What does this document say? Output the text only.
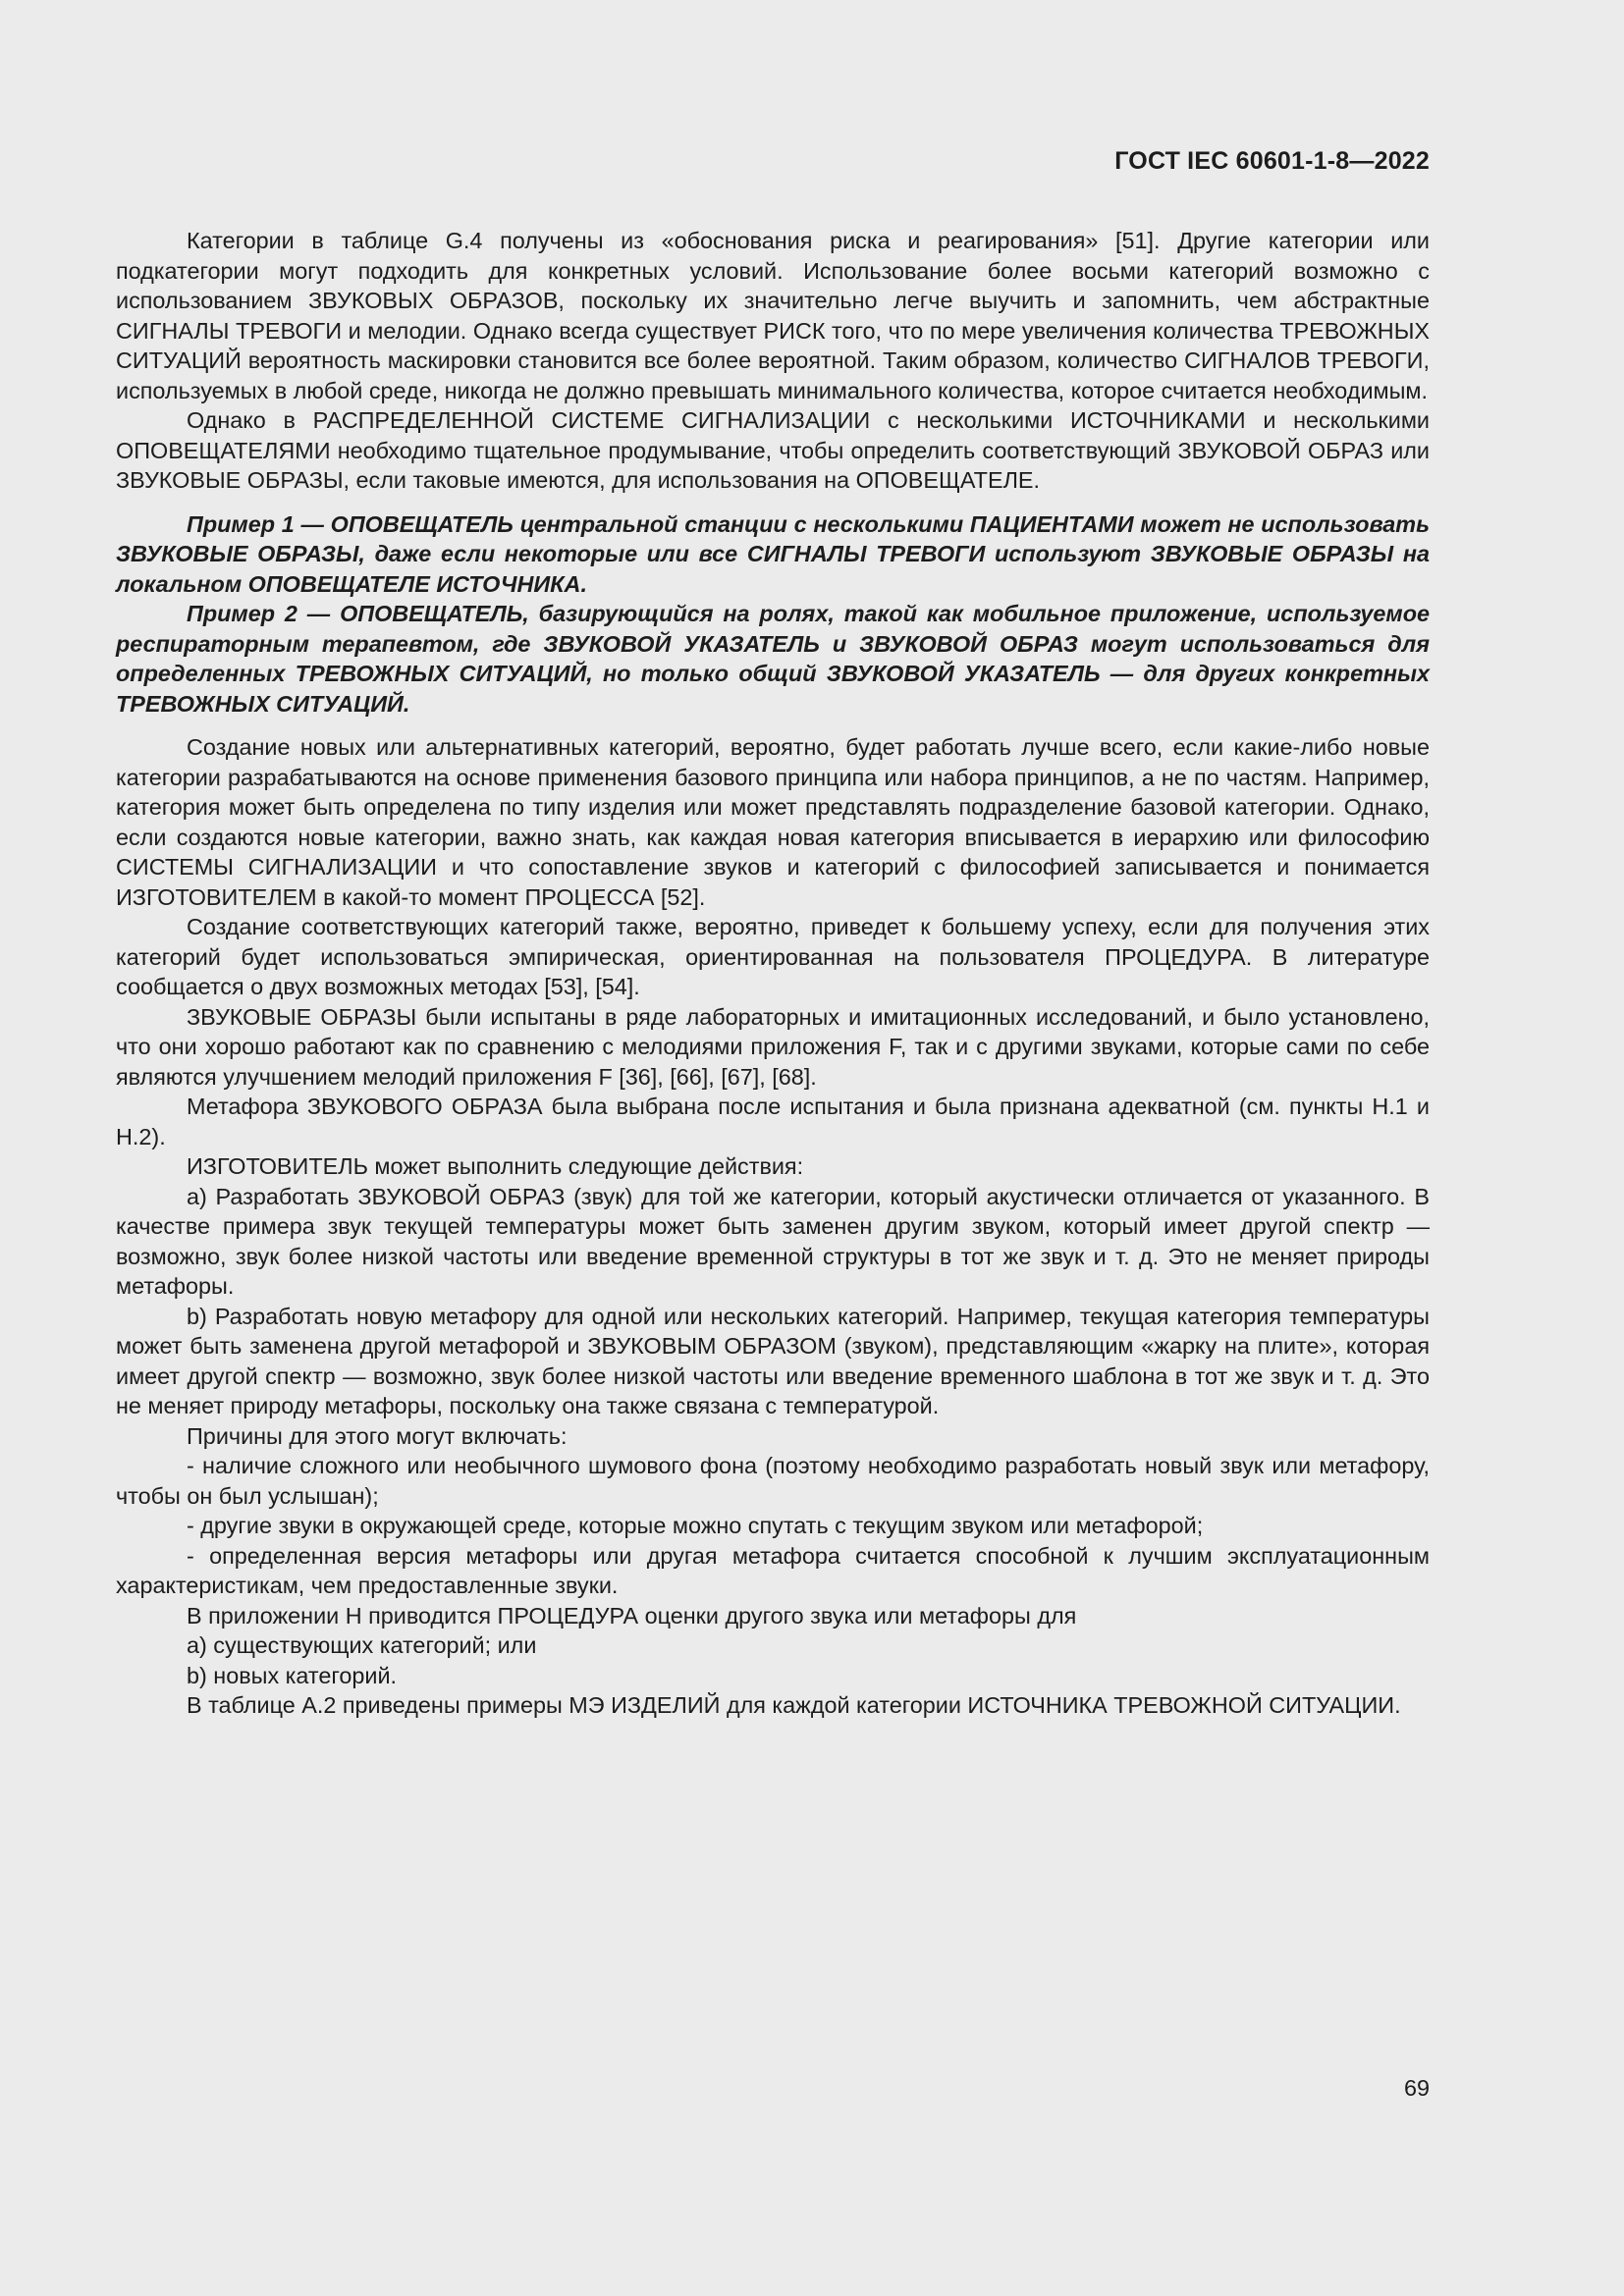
ГОСТ IEC 60601-1-8—2022

Категории в таблице G.4 получены из «обоснования риска и реагирования» [51]. Другие категории или подкатегории могут подходить для конкретных условий. Использование более восьми категорий возможно с использованием ЗВУКОВЫХ ОБРАЗОВ, поскольку их значительно легче выучить и запомнить, чем абстрактные СИГНАЛЫ ТРЕВОГИ и мелодии. Однако всегда существует РИСК того, что по мере увеличения количества ТРЕВОЖНЫХ СИТУАЦИЙ вероятность маскировки становится все более вероятной. Таким образом, количество СИГНАЛОВ ТРЕВОГИ, используемых в любой среде, никогда не должно превышать минимального количества, которое считается необходимым.

Однако в РАСПРЕДЕЛЕННОЙ СИСТЕМЕ СИГНАЛИЗАЦИИ с несколькими ИСТОЧНИКАМИ и несколькими ОПОВЕЩАТЕЛЯМИ необходимо тщательное продумывание, чтобы определить соответствующий ЗВУКОВОЙ ОБРАЗ или ЗВУКОВЫЕ ОБРАЗЫ, если таковые имеются, для использования на ОПОВЕЩАТЕЛЕ.

Пример 1 — ОПОВЕЩАТЕЛЬ центральной станции с несколькими ПАЦИЕНТАМИ может не использовать ЗВУКОВЫЕ ОБРАЗЫ, даже если некоторые или все СИГНАЛЫ ТРЕВОГИ используют ЗВУКОВЫЕ ОБРАЗЫ на локальном ОПОВЕЩАТЕЛЕ ИСТОЧНИКА.

Пример 2 — ОПОВЕЩАТЕЛЬ, базирующийся на ролях, такой как мобильное приложение, используемое респираторным терапевтом, где ЗВУКОВОЙ УКАЗАТЕЛЬ и ЗВУКОВОЙ ОБРАЗ могут использоваться для определенных ТРЕВОЖНЫХ СИТУАЦИЙ, но только общий ЗВУКОВОЙ УКАЗАТЕЛЬ — для других конкретных ТРЕВОЖНЫХ СИТУАЦИЙ.

Создание новых или альтернативных категорий, вероятно, будет работать лучше всего, если какие-либо новые категории разрабатываются на основе применения базового принципа или набора принципов, а не по частям. Например, категория может быть определена по типу изделия или может представлять подразделение базовой категории. Однако, если создаются новые категории, важно знать, как каждая новая категория вписывается в иерархию или философию СИСТЕМЫ СИГНАЛИЗАЦИИ и что сопоставление звуков и категорий с философией записывается и понимается ИЗГОТОВИТЕЛЕМ в какой-то момент ПРОЦЕССА [52].

Создание соответствующих категорий также, вероятно, приведет к большему успеху, если для получения этих категорий будет использоваться эмпирическая, ориентированная на пользователя ПРОЦЕДУРА. В литературе сообщается о двух возможных методах [53], [54].

ЗВУКОВЫЕ ОБРАЗЫ были испытаны в ряде лабораторных и имитационных исследований, и было установлено, что они хорошо работают как по сравнению с мелодиями приложения F, так и с другими звуками, которые сами по себе являются улучшением мелодий приложения F [36], [66], [67], [68].

Метафора ЗВУКОВОГО ОБРАЗА была выбрана после испытания и была признана адекватной (см. пункты H.1 и H.2).

ИЗГОТОВИТЕЛЬ может выполнить следующие действия:

a) Разработать ЗВУКОВОЙ ОБРАЗ (звук) для той же категории, который акустически отличается от указанного. В качестве примера звук текущей температуры может быть заменен другим звуком, который имеет другой спектр — возможно, звук более низкой частоты или введение временной структуры в тот же звук и т. д. Это не меняет природы метафоры.

b) Разработать новую метафору для одной или нескольких категорий. Например, текущая категория температуры может быть заменена другой метафорой и ЗВУКОВЫМ ОБРАЗОМ (звуком), представляющим «жарку на плите», которая имеет другой спектр — возможно, звук более низкой частоты или введение временного шаблона в тот же звук и т. д. Это не меняет природу метафоры, поскольку она также связана с температурой.

Причины для этого могут включать:

- наличие сложного или необычного шумового фона (поэтому необходимо разработать новый звук или метафору, чтобы он был услышан);

- другие звуки в окружающей среде, которые можно спутать с текущим звуком или метафорой;

- определенная версия метафоры или другая метафора считается способной к лучшим эксплуатационным характеристикам, чем предоставленные звуки.

В приложении H приводится ПРОЦЕДУРА оценки другого звука или метафоры для

a) существующих категорий; или

b) новых категорий.

В таблице A.2 приведены примеры МЭ ИЗДЕЛИЙ для каждой категории ИСТОЧНИКА ТРЕВОЖНОЙ СИТУАЦИИ.

69
